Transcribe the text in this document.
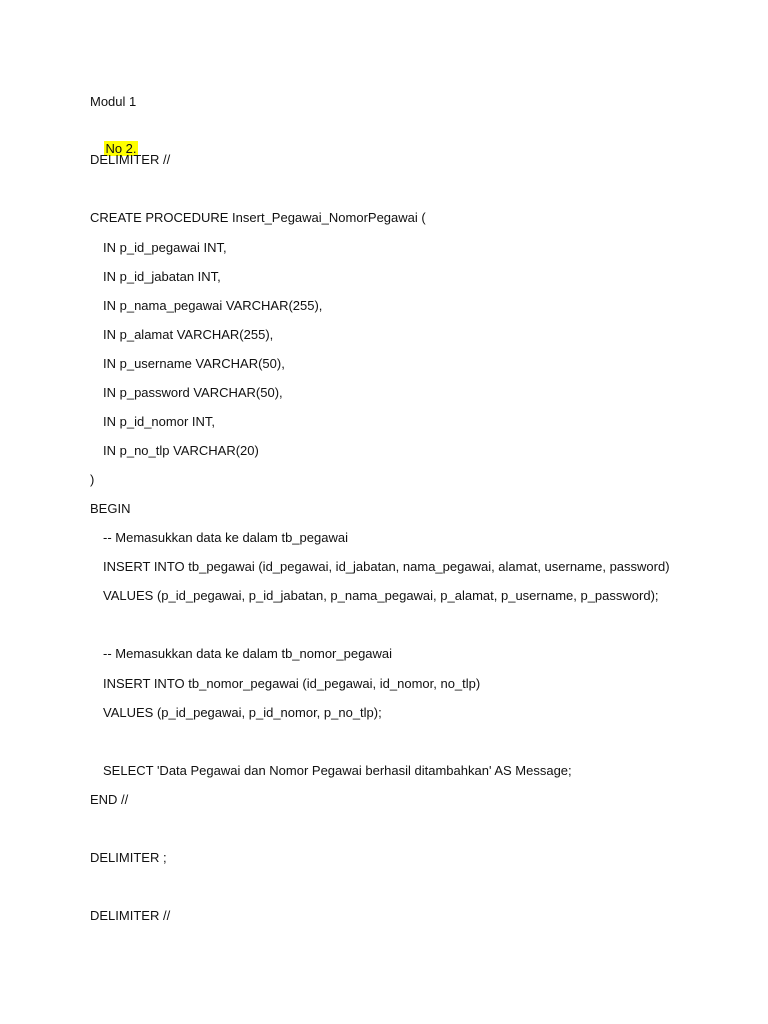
Modul 1

No 2.

DELIMITER //
CREATE PROCEDURE Insert_Pegawai_NomorPegawai (
IN p_id_pegawai INT,
IN p_id_jabatan INT,
IN p_nama_pegawai VARCHAR(255),
IN p_alamat VARCHAR(255),
IN p_username VARCHAR(50),
IN p_password VARCHAR(50),
IN p_id_nomor INT,
IN p_no_tlp VARCHAR(20)
)
BEGIN
-- Memasukkan data ke dalam tb_pegawai
INSERT INTO tb_pegawai (id_pegawai, id_jabatan, nama_pegawai, alamat, username, password)
VALUES (p_id_pegawai, p_id_jabatan, p_nama_pegawai, p_alamat, p_username, p_password);
-- Memasukkan data ke dalam tb_nomor_pegawai
INSERT INTO tb_nomor_pegawai (id_pegawai, id_nomor, no_tlp)
VALUES (p_id_pegawai, p_id_nomor, p_no_tlp);
SELECT 'Data Pegawai dan Nomor Pegawai berhasil ditambahkan' AS Message;
END //
DELIMITER ;
DELIMITER //
